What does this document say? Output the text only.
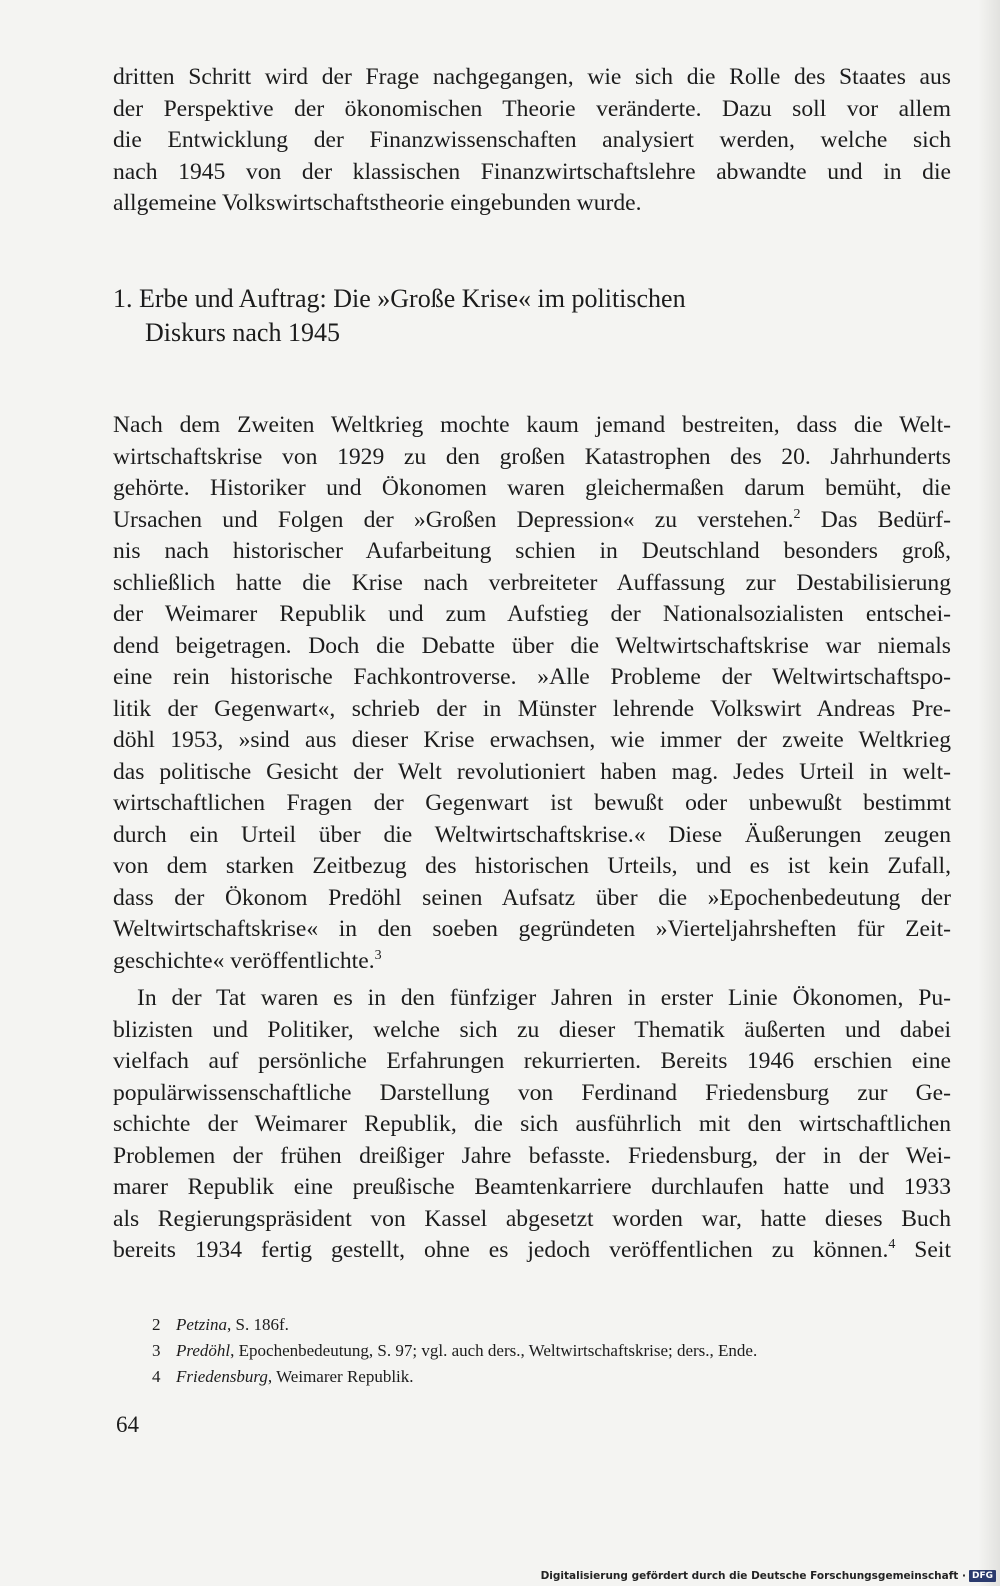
dritten Schritt wird der Frage nachgegangen, wie sich die Rolle des Staates aus
der Perspektive der ökonomischen Theorie veränderte. Dazu soll vor allem
die Entwicklung der Finanzwissenschaften analysiert werden, welche sich
nach 1945 von der klassischen Finanzwirtschaftslehre abwandte und in die
allgemeine Volkswirtschaftstheorie eingebunden wurde.

1. Erbe und Auftrag: Die »Große Krise« im politischen
Diskurs nach 1945

Nach dem Zweiten Weltkrieg mochte kaum jemand bestreiten, dass die Welt-
wirtschaftskrise von 1929 zu den großen Katastrophen des 20. Jahrhunderts
gehörte. Historiker und Ökonomen waren gleichermaßen darum bemüht, die
Ursachen und Folgen der »Großen Depression« zu verstehen.$^2$ Das Bedürf-
nis nach historischer Aufarbeitung schien in Deutschland besonders groß,
schließlich hatte die Krise nach verbreiteter Auffassung zur Destabilisierung
der Weimarer Republik und zum Aufstieg der Nationalsozialisten entschei-
dend beigetragen. Doch die Debatte über die Weltwirtschaftskrise war niemals
eine rein historische Fachkontroverse. »Alle Probleme der Weltwirtschaftspo-
litik der Gegenwart«, schrieb der in Münster lehrende Volkswirt Andreas Pre-
döhl 1953, »sind aus dieser Krise erwachsen, wie immer der zweite Weltkrieg
das politische Gesicht der Welt revolutioniert haben mag. Jedes Urteil in welt-
wirtschaftlichen Fragen der Gegenwart ist bewußt oder unbewußt bestimmt
durch ein Urteil über die Weltwirtschaftskrise.« Diese Äußerungen zeugen
von dem starken Zeitbezug des historischen Urteils, und es ist kein Zufall,
dass der Ökonom Predöhl seinen Aufsatz über die »Epochenbedeutung der
Weltwirtschaftskrise« in den soeben gegründeten »Vierteljahrsheften für Zeit-
geschichte« veröffentlichte.$^3$

In der Tat waren es in den fünfziger Jahren in erster Linie Ökonomen, Pu-
blizisten und Politiker, welche sich zu dieser Thematik äußerten und dabei
vielfach auf persönliche Erfahrungen rekurrierten. Bereits 1946 erschien eine
populärwissenschaftliche Darstellung von Ferdinand Friedensburg zur Ge-
schichte der Weimarer Republik, die sich ausführlich mit den wirtschaftlichen
Problemen der frühen dreißiger Jahre befasste. Friedensburg, der in der Wei-
marer Republik eine preußische Beamtenkarriere durchlaufen hatte und 1933
als Regierungspräsident von Kassel abgesetzt worden war, hatte dieses Buch
bereits 1934 fertig gestellt, ohne es jedoch veröffentlichen zu können.$^4$ Seit

2 Petzina, S. 186f.
3 Predöhl, Epochenbedeutung, S. 97; vgl. auch ders., Weltwirtschaftskrise; ders., Ende.
4 Friedensburg, Weimarer Republik.
64
Digitalisierung gefördert durch die Deutsche Forschungsgemeinschaft · DFG
